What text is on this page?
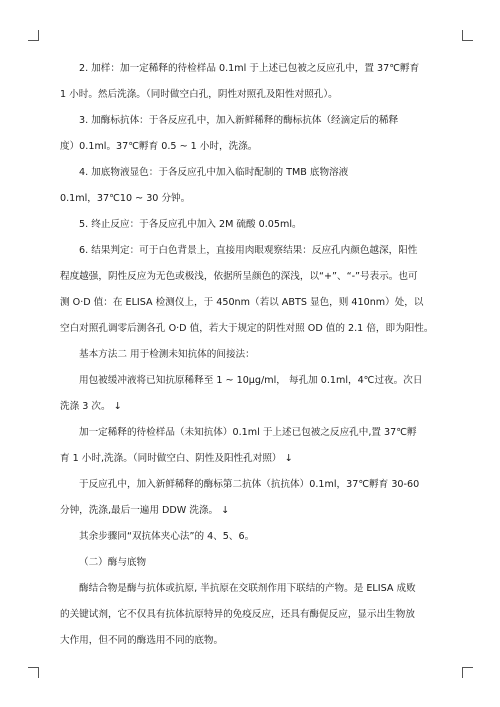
2. 加样：加一定稀释的待检样品 0.1ml 于上述已包被之反应孔中，置 37℃孵育
1 小时。然后洗涤。（同时做空白孔，阴性对照孔及阳性对照孔）。
3. 加酶标抗体：于各反应孔中，加入新鲜稀释的酶标抗体（经滴定后的稀释
度）0.1ml。37℃孵育 0.5 ~ 1 小时，洗涤。
4. 加底物液显色：于各反应孔中加入临时配制的 TMB 底物溶液
0.1ml，37℃10 ~ 30 分钟。
5. 终止反应：于各反应孔中加入 2M 硫酸 0.05ml。
6. 结果判定：可于白色背景上，直接用肉眼观察结果：反应孔内颜色越深，阳性
程度越强，阴性反应为无色或极浅，依据所呈颜色的深浅，以“+”、“-”号表示。也可
测 O·D 值：在 ELISA 检测仪上，于 450nm（若以 ABTS 显色，则 410nm）处，以
空白对照孔调零后测各孔 O·D 值，若大于规定的阴性对照 OD 值的 2.1 倍，即为阳性。
基本方法二 用于检测未知抗体的间接法：
用包被缓冲液将已知抗原稀释至 1 ~ 10μg/ml， 每孔加 0.1ml，4℃过夜。次日
洗涤 3 次。 ↓
加一定稀释的待检样品（未知抗体）0.1ml 于上述已包被之反应孔中,置 37℃孵
育 1 小时,洗涤。（同时做空白、阴性及阳性孔对照） ↓
于反应孔中，加入新鲜稀释的酶标第二抗体（抗抗体）0.1ml，37℃孵育 30-60
分钟，洗涤,最后一遍用 DDW 洗涤。 ↓
其余步骤同“双抗体夹心法”的 4、5、6。
（二）酶与底物
酶结合物是酶与抗体或抗原, 半抗原在交联剂作用下联结的产物。是 ELISA 成败
的关键试剂，它不仅具有抗体抗原特异的免疫反应，还具有酶促反应，显示出生物放
大作用，但不同的酶选用不同的底物。
